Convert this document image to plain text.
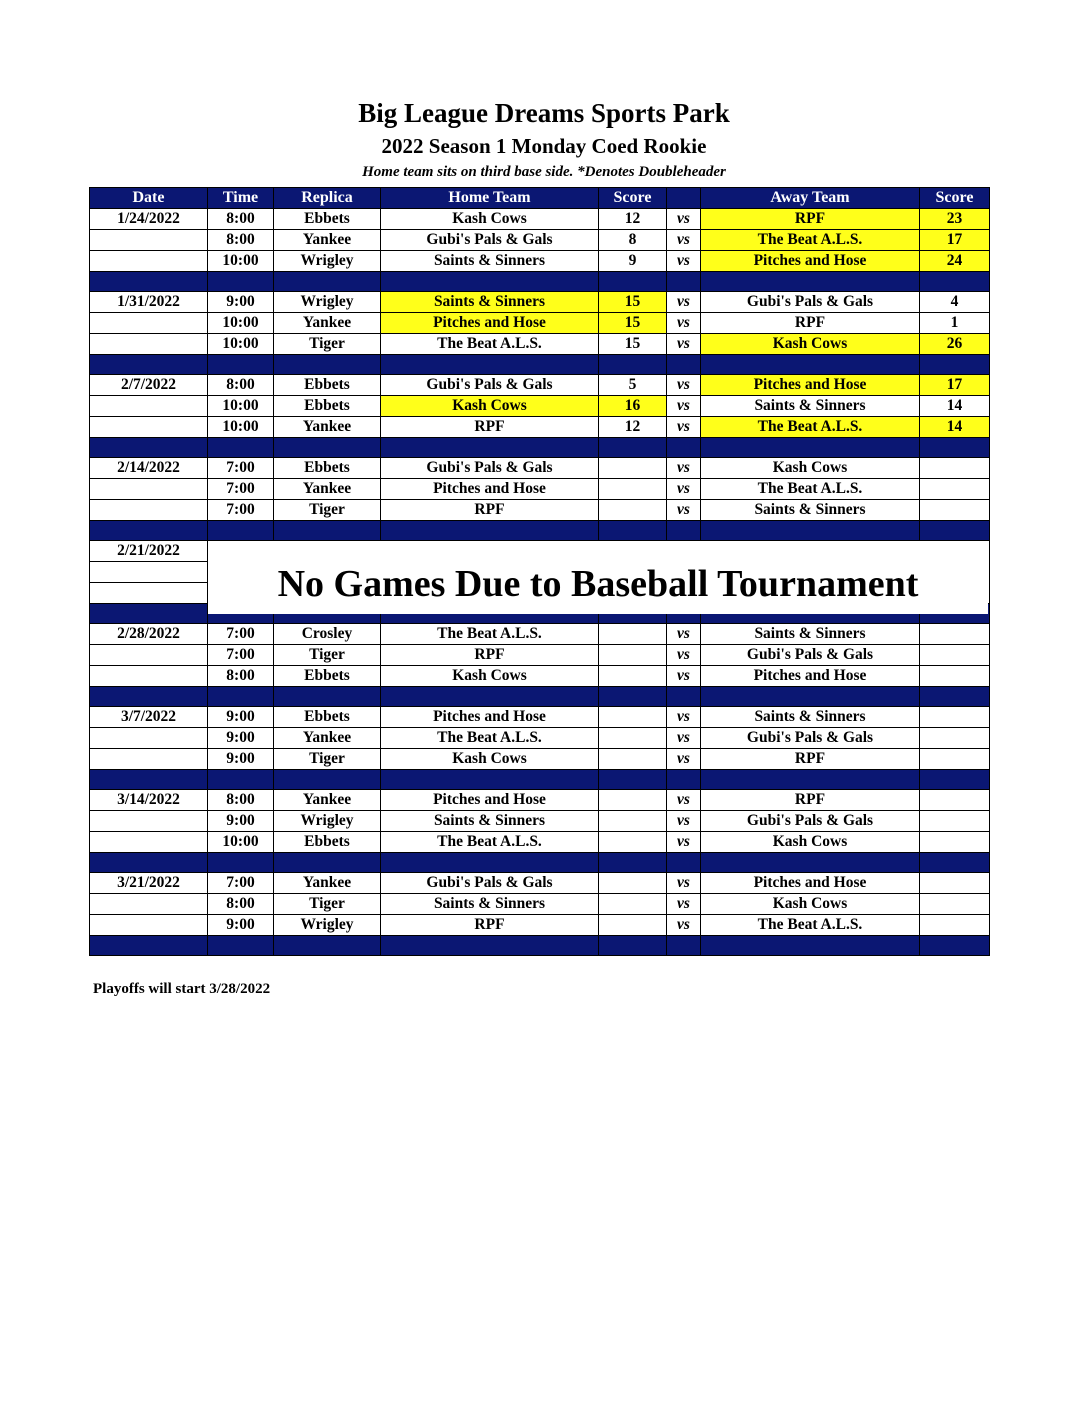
Big League Dreams Sports Park
2022 Season 1 Monday Coed Rookie
Home team sits on third base side. *Denotes Doubleheader
Date	Time	Replica	Home Team	Score		Away Team	Score
1/24/2022	8:00	Ebbets	Kash Cows	12	vs	RPF	23
	8:00	Yankee	Gubi's Pals & Gals	8	vs	The Beat A.L.S.	17
	10:00	Wrigley	Saints & Sinners	9	vs	Pitches and Hose	24

1/31/2022	9:00	Wrigley	Saints & Sinners	15	vs	Gubi's Pals & Gals	4
	10:00	Yankee	Pitches and Hose	15	vs	RPF	1
	10:00	Tiger	The Beat A.L.S.	15	vs	Kash Cows	26

2/7/2022	8:00	Ebbets	Gubi's Pals & Gals	5	vs	Pitches and Hose	17
	10:00	Ebbets	Kash Cows	16	vs	Saints & Sinners	14
	10:00	Yankee	RPF	12	vs	The Beat A.L.S.	14

2/14/2022	7:00	Ebbets	Gubi's Pals & Gals		vs	Kash Cows	
	7:00	Yankee	Pitches and Hose		vs	The Beat A.L.S.	
	7:00	Tiger	RPF		vs	Saints & Sinners	

2/21/2022							

2/28/2022	7:00	Crosley	The Beat A.L.S.		vs	Saints & Sinners	
	7:00	Tiger	RPF		vs	Gubi's Pals & Gals	
	8:00	Ebbets	Kash Cows		vs	Pitches and Hose	

3/7/2022	9:00	Ebbets	Pitches and Hose		vs	Saints & Sinners	
	9:00	Yankee	The Beat A.L.S.		vs	Gubi's Pals & Gals	
	9:00	Tiger	Kash Cows		vs	RPF	

3/14/2022	8:00	Yankee	Pitches and Hose		vs	RPF	
	9:00	Wrigley	Saints & Sinners		vs	Gubi's Pals & Gals	
	10:00	Ebbets	The Beat A.L.S.		vs	Kash Cows	

3/21/2022	7:00	Yankee	Gubi's Pals & Gals		vs	Pitches and Hose	
	8:00	Tiger	Saints & Sinners		vs	Kash Cows	
	9:00	Wrigley	RPF		vs	The Beat A.L.S.	

No Games Due to Baseball Tournament
Playoffs will start 3/28/2022
